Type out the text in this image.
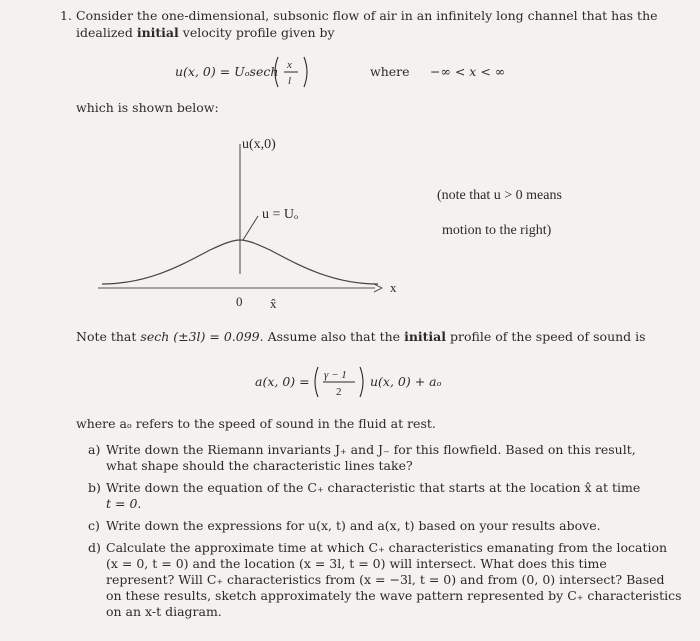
1. Consider the one-dimensional, subsonic flow of air in an infinitely long channel that has the
idealized initial velocity profile given by
u(x, 0) = Uₒsech x
l
where −∞ < x < ∞
which is shown below:
u(x,0)
u = Uₒ
x
0 x̂
(note that u > 0 means
motion to the right)
Note that sech (±3l) = 0.099. Assume also that the initial profile of the speed of sound is
a(x, 0) = γ − 1
2
u(x, 0) + aₒ
where aₒ refers to the speed of sound in the fluid at rest.
a) Write down the Riemann invariants J₊ and J₋ for this flowfield. Based on this result,
what shape should the characteristic lines take?
b) Write down the equation of the C₊ characteristic that starts at the location x̂ at time
t = 0.
c) Write down the expressions for u(x, t) and a(x, t) based on your results above.
d) Calculate the approximate time at which C₊ characteristics emanating from the location
(x = 0, t = 0) and the location (x = 3l, t = 0) will intersect. What does this time
represent? Will C₊ characteristics from (x = −3l, t = 0) and from (0, 0) intersect? Based
on these results, sketch approximately the wave pattern represented by C₊ characteristics
on an x-t diagram.
